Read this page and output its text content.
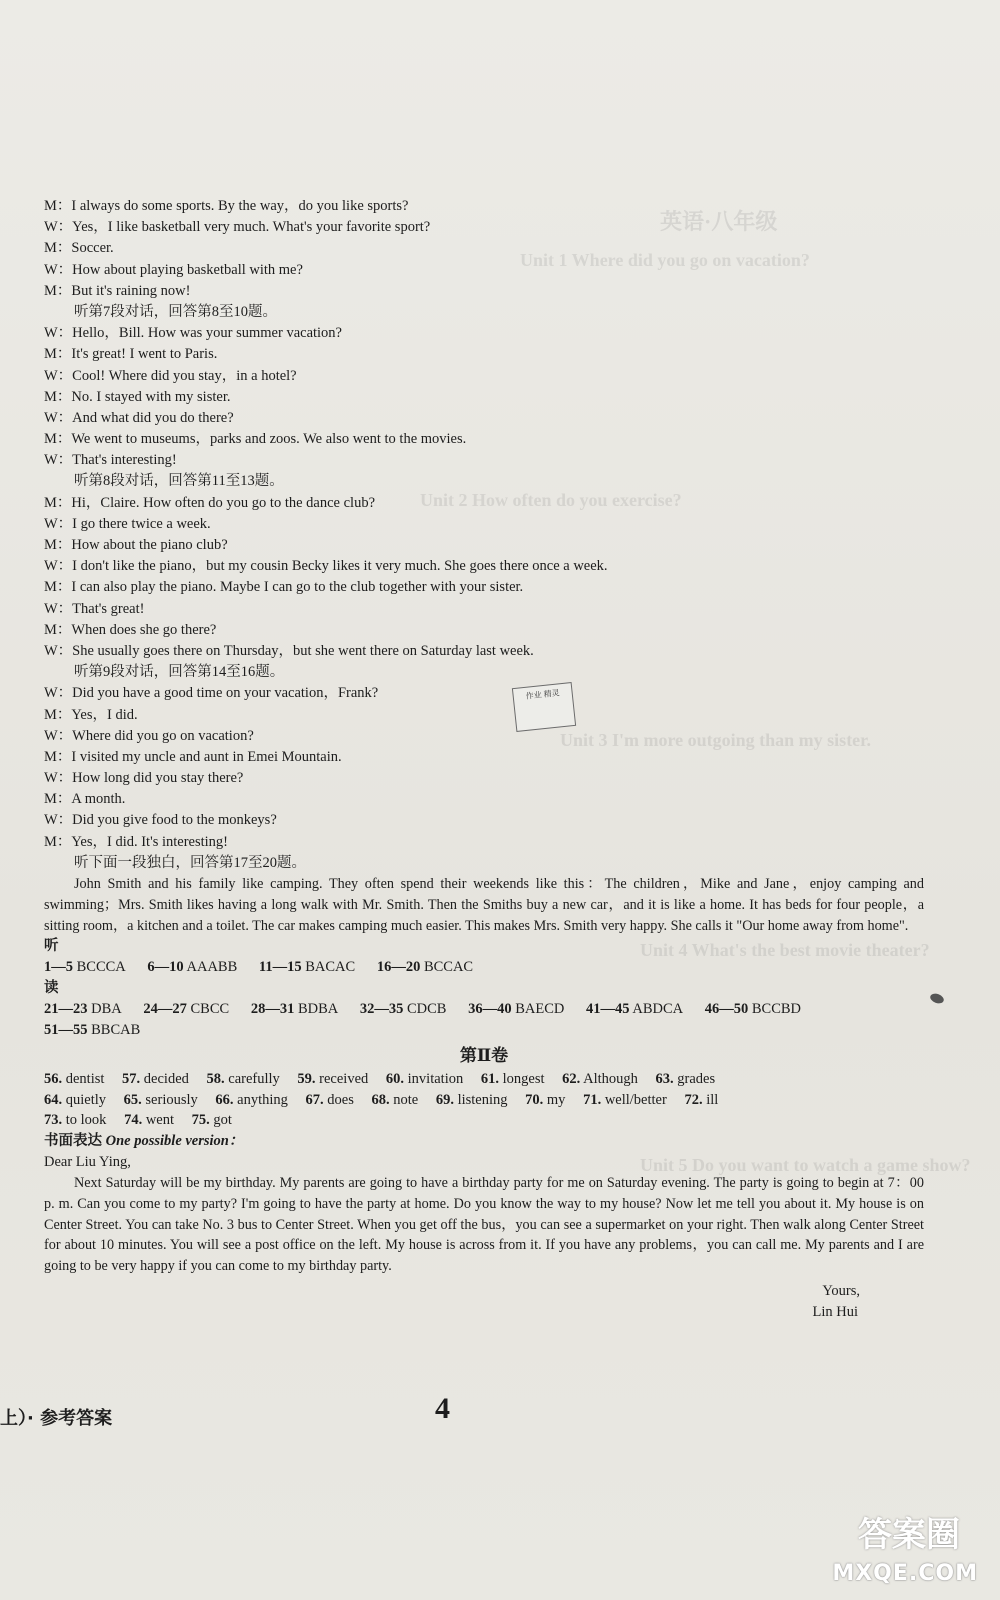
英语·八年级
Unit 1 Where did you go on vacation?
Unit 2 How often do you exercise?
Unit 3 I'm more outgoing than my sister.
Unit 4 What's the best movie theater?
Unit 5 Do you want to watch a game show?
M：I always do some sports. By the way，do you like sports?
W：Yes，I like basketball very much. What's your favorite sport?
M：Soccer.
W：How about playing basketball with me?
M：But it's raining now!
听第7段对话，回答第8至10题。
W：Hello，Bill. How was your summer vacation?
M：It's great! I went to Paris.
W：Cool! Where did you stay，in a hotel?
M：No. I stayed with my sister.
W：And what did you do there?
M：We went to museums，parks and zoos. We also went to the movies.
W：That's interesting!
听第8段对话，回答第11至13题。
M：Hi，Claire. How often do you go to the dance club?
W：I go there twice a week.
M：How about the piano club?
W：I don't like the piano，but my cousin Becky likes it very much. She goes there once a week.
M：I can also play the piano. Maybe I can go to the club together with your sister.
W：That's great!
M：When does she go there?
W：She usually goes there on Thursday，but she went there on Saturday last week.
听第9段对话，回答第14至16题。
W：Did you have a good time on your vacation，Frank?
M：Yes，I did.
W：Where did you go on vacation?
M：I visited my uncle and aunt in Emei Mountain.
W：How long did you stay there?
M：A month.
W：Did you give food to the monkeys?
M：Yes，I did. It's interesting!
听下面一段独白，回答第17至20题。
John Smith and his family like camping. They often spend their weekends like this：The children，Mike and Jane，enjoy camping and swimming；Mrs. Smith likes having a long walk with Mr. Smith. Then the Smiths buy a new car，and it is like a home. It has beds for four people，a sitting room，a kitchen and a toilet. The car makes camping much easier. This makes Mrs. Smith very happy. She calls it "Our home away from home".
听
1—5 BCCCA 6—10 AAABB 11—15 BACAC 16—20 BCCAC
读
21—23 DBA 24—27 CBCC 28—31 BDBA 32—35 CDCB 36—40 BAECD 41—45 ABDCA 46—50 BCCBD
51—55 BBCAB
第Ⅱ卷
56. dentist 57. decided 58. carefully 59. received 60. invitation 61. longest 62. Although 63. grades
64. quietly 65. seriously 66. anything 67. does 68. note 69. listening 70. my 71. well/better 72. ill
73. to look 74. went 75. got
书面表达 One possible version：
Dear Liu Ying,
Next Saturday will be my birthday. My parents are going to have a birthday party for me on Saturday evening. The party is going to begin at 7：00 p. m. Can you come to my party? I'm going to have the party at home. Do you know the way to my house? Now let me tell you about it. My house is on Center Street. You can take No. 3 bus to Center Street. When you get off the bus，you can see a supermarket on your right. Then walk along Center Street for about 10 minutes. You will see a post office on the left. My house is across from it. If you have any problems，you can call me. My parents and I are going to be very happy if you can come to my birthday party.
Yours,
Lin Hui
作业 精灵
上）· 参考答案	4
答案圈
MXQE.COM
